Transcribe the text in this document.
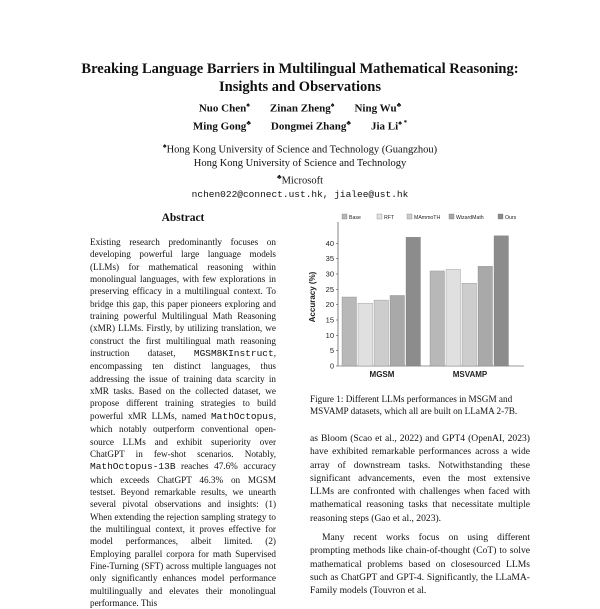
Breaking Language Barriers in Multilingual Mathematical Reasoning:
Insights and Observations
Nuo Chen♠ Zinan Zheng♠ Ning Wu♣
Ming Gong♣ Dongmei Zhang♣ Jia Li♠ *
♠Hong Kong University of Science and Technology (Guangzhou)
Hong Kong University of Science and Technology
♣Microsoft
nchen022@connect.ust.hk, jialee@ust.hk
Abstract

Existing research predominantly focuses on developing powerful large language models (LLMs) for mathematical reasoning within monolingual languages, with few explorations in preserving efficacy in a multilingual context. To bridge this gap, this paper pioneers exploring and training powerful Multilingual Math Reasoning (xMR) LLMs. Firstly, by utilizing translation, we construct the first multilingual math reasoning instruction dataset, MGSM8KInstruct, encompassing ten distinct languages, thus addressing the issue of training data scarcity in xMR tasks. Based on the collected dataset, we propose different training strategies to build powerful xMR LLMs, named MathOctopus, which notably outperform conventional open-source LLMs and exhibit superiority over ChatGPT in few-shot scenarios. Notably, MathOctopus-13B reaches 47.6% accuracy which exceeds ChatGPT 46.3% on MGSM testset. Beyond remarkable results, we unearth several pivotal observations and insights: (1) When extending the rejection sampling strategy to the multilingual context, it proves effective for model performances, albeit limited. (2) Employing parallel corpora for math Supervised Fine-Turning (SFT) across multiple languages not only significantly enhances model performance multilingually and elevates their monolingual performance. This

Base	RFT	MAmmoTH	WizardMath	Ours
0
5
10
15
20
25
30
35
40
Accuracy (%)
MGSM	MSVAMP
Figure 1: Different LLMs performances in MSGM and MSVAMP datasets, which all are built on LLaMA 2-7B.

as Bloom (Scao et al., 2022) and GPT4 (OpenAI, 2023) have exhibited remarkable performances across a wide array of downstream tasks. Notwithstanding these significant advancements, even the most extensive LLMs are confronted with challenges when faced with mathematical reasoning tasks that necessitate multiple reasoning steps (Gao et al., 2023).

Many recent works focus on using different prompting methods like chain-of-thought (CoT) to solve mathematical problems based on closesourced LLMs such as ChatGPT and GPT-4. Significantly, the LLaMA-Family models (Touvron et al.
